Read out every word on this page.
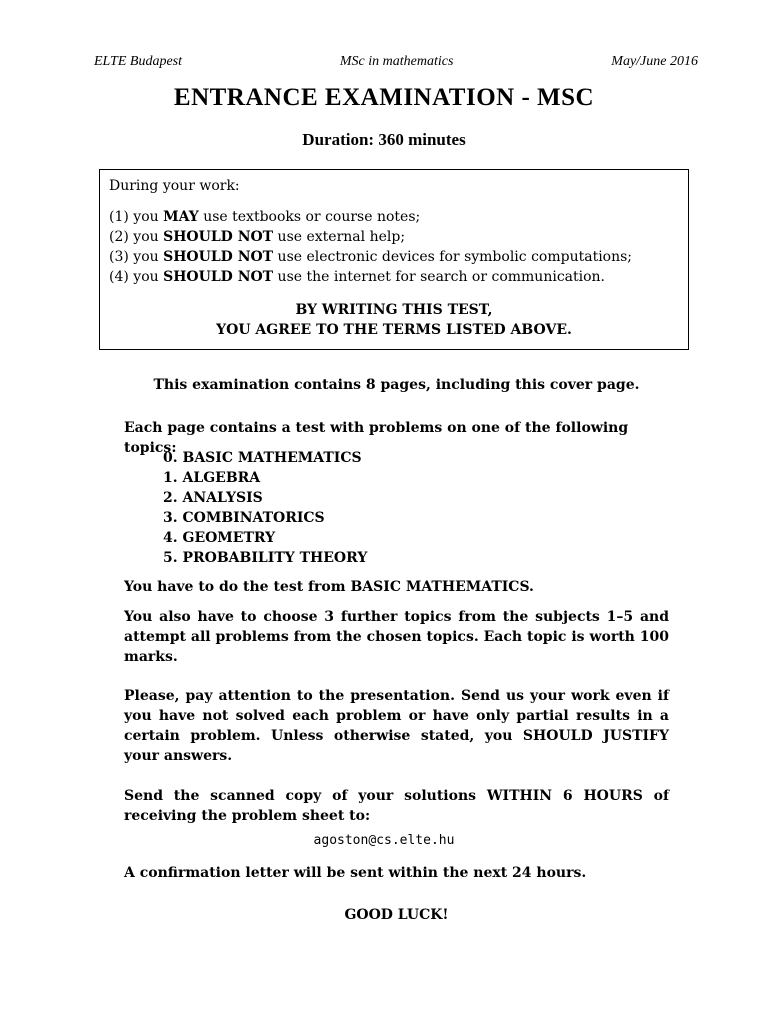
ELTE Budapest	MSc in mathematics	May/June 2016
ENTRANCE EXAMINATION - MSC
Duration: 360 minutes
During your work:
(1) you MAY use textbooks or course notes;
(2) you SHOULD NOT use external help;
(3) you SHOULD NOT use electronic devices for symbolic computations;
(4) you SHOULD NOT use the internet for search or communication.
BY WRITING THIS TEST,
YOU AGREE TO THE TERMS LISTED ABOVE.
This examination contains 8 pages, including this cover page.
Each page contains a test with problems on one of the following topics:
0. BASIC MATHEMATICS
1. ALGEBRA
2. ANALYSIS
3. COMBINATORICS
4. GEOMETRY
5. PROBABILITY THEORY
You have to do the test from BASIC MATHEMATICS.
You also have to choose 3 further topics from the subjects 1–5 and attempt all problems from the chosen topics. Each topic is worth 100 marks.
Please, pay attention to the presentation. Send us your work even if you have not solved each problem or have only partial results in a certain problem. Unless otherwise stated, you SHOULD JUSTIFY your answers.
Send the scanned copy of your solutions WITHIN 6 HOURS of receiving the problem sheet to:
agoston@cs.elte.hu
A confirmation letter will be sent within the next 24 hours.
GOOD LUCK!
